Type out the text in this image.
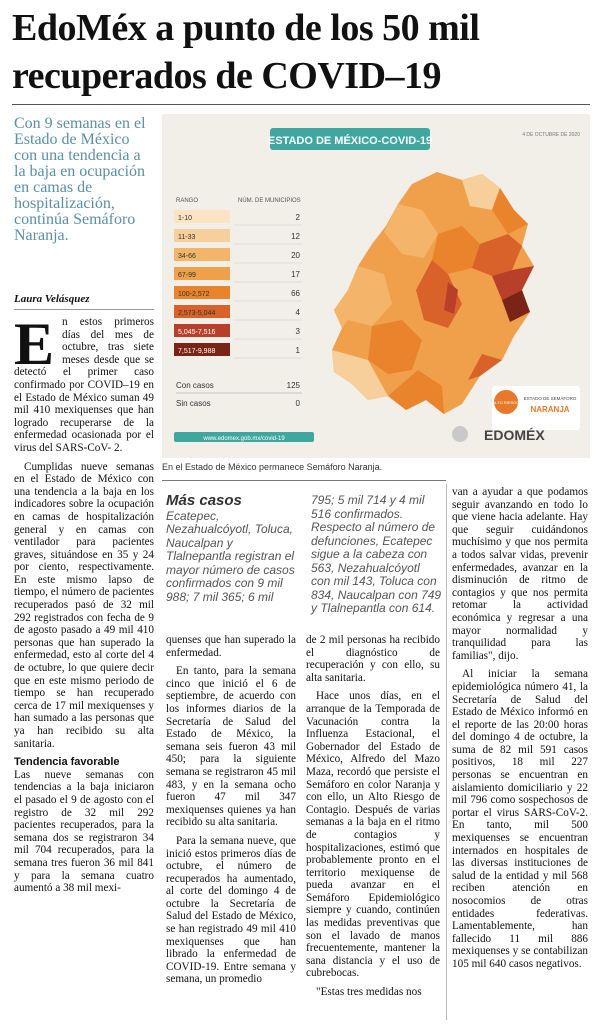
EdoMéx a punto de los 50 mil recuperados de COVID–19
Con 9 semanas en el Estado de México con una tendencia a la baja en ocupación en camas de hospitalización, continúa Semáforo Naranja.
Laura Velásquez

E n estos primeros días del mes de octubre, tras siete meses desde que se detectó el primer caso confirmado por COVID–19 en el Estado de México suman 49 mil 410 mexiquenses que han logrado recuperarse de la enfermedad ocasionada por el virus del SARS-CoV- 2.

Cumplidas nueve semanas en el Estado de México con una tendencia a la baja en los indicadores sobre la ocupación en camas de hospitalización general y en camas con ventilador para pacientes graves, situándose en 35 y 24 por ciento, respectivamente. En este mismo lapso de tiempo, el número de pacientes recuperados pasó de 32 mil 292 registrados con fecha de 9 de agosto pasado a 49 mil 410 personas que han superado la enfermedad, esto al corte del 4 de octubre, lo que quiere decir que en este mismo periodo de tiempo se han recuperado cerca de 17 mil mexiquenses y han sumado a las personas que ya han recibido su alta sanitaria.

Tendencia favorable

Las nueve semanas con tendencias a la baja iniciaron el pasado el 9 de agosto con el registro de 32 mil 292 pacientes recuperados, para la semana dos se registraron 34 mil 704 recuperados, para la semana tres fueron 36 mil 841 y para la semana cuatro aumentó a 38 mil mexi-

ESTADO DE MÉXICO-COVID-19	4 DE OCTUBRE DE 2020
RANGO	NÚM. DE MUNICIPIOS
1-10	2
11-33	12
34-66	20
67-99	17
100-2,572	66
2,573-5,044	4
5,045-7,516	3
7,517-9,988	1
Con casos	125
Sin casos	0
www.edomex.gob.mx/covid-19
ALTO RIESGO
ESTADO DE SEMÁFORO
NARANJA
EDOMÉX
En el Estado de México permanece Semáforo Naranja.
Más casos
Ecatepec, Nezahualcóyotl, Toluca, Naucalpan y Tlalnepantla registran el mayor número de casos confirmados con 9 mil 988; 7 mil 365; 6 mil 795; 5 mil 714 y 4 mil 516 confirmados. Respecto al número de defunciones, Ecatepec sigue a la cabeza con 563, Nezahualcóyotl con mil 143, Toluca con 834, Naucalpan con 749 y Tlalnepantla con 614.

quenses que han superado la enfermedad.

En tanto, para la semana cinco que inició el 6 de septiembre, de acuerdo con los informes diarios de la Secretaría de Salud del Estado de México, la semana seis fueron 43 mil 450; para la siguiente semana se registraron 45 mil 483, y en la semana ocho fueron 47 mil 347 mexiquenses quienes ya han recibido su alta sanitaria.

Para la semana nueve, que inició estos primeros días de octubre, el número de recuperados ha aumentado, al corte del domingo 4 de octubre la Secretaría de Salud del Estado de México, se han registrado 49 mil 410 mexiquenses que han librado la enfermedad de COVID-19. Entre semana y semana, un promedio

de 2 mil personas ha recibido el diagnóstico de recuperación y con ello, su alta sanitaria.

Hace unos días, en el arranque de la Temporada de Vacunación contra la Influenza Estacional, el Gobernador del Estado de México, Alfredo del Mazo Maza, recordó que persiste el Semáforo en color Naranja y con ello, un Alto Riesgo de Contagio. Después de varias semanas a la baja en el ritmo de contagios y hospitalizaciones, estimó que probablemente pronto en el territorio mexiquense de pueda avanzar en el Semáforo Epidemiológico siempre y cuando, continúen las medidas preventivas que son el lavado de manos frecuentemente, mantener la sana distancia y el uso de cubrebocas.

"Estas tres medidas nos

van a ayudar a que podamos seguir avanzando en todo lo que viene hacia adelante. Hay que seguir cuidándonos muchísimo y que nos permita a todos salvar vidas, prevenir enfermedades, avanzar en la disminución de ritmo de contagios y que nos permita retomar la actividad económica y regresar a una mayor normalidad y tranquilidad para las familias", dijo.

Al iniciar la semana epidemiológica número 41, la Secretaría de Salud del Estado de México informó en el reporte de las 20:00 horas del domingo 4 de octubre, la suma de 82 mil 591 casos positivos, 18 mil 227 personas se encuentran en aislamiento domiciliario y 22 mil 796 como sospechosos de portar el virus SARS-CoV-2. En tanto, mil 500 mexiquenses se encuentran internados en hospitales de las diversas instituciones de salud de la entidad y mil 568 reciben atención en nosocomios de otras entidades federativas. Lamentablemente, han fallecido 11 mil 886 mexiquenses y se contabilizan 105 mil 640 casos negativos.
